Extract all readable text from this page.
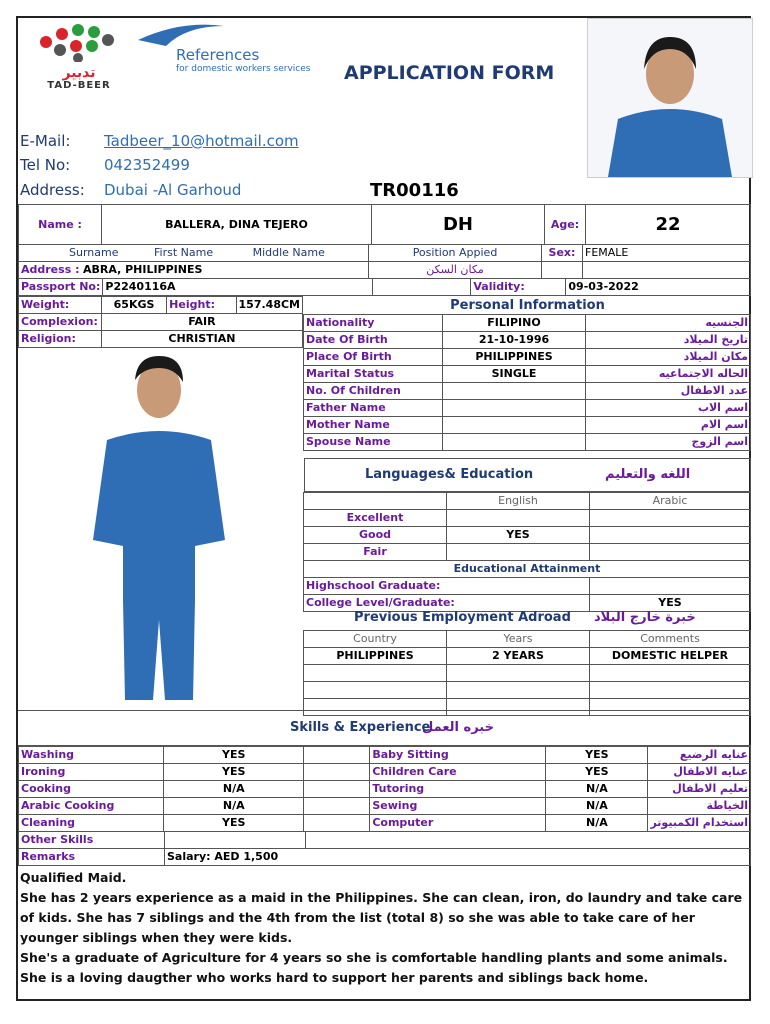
تدبير
TAD-BEER
References
for domestic workers services APPLICATION FORM
E-Mail: Tadbeer_10@hotmail.com
Tel No: 042352499
Address: Dubai -Al Garhoud	TR00116
Name :	BALLERA, DINA TEJERO	DH	Age:	22
Surname First Name Middle Name	Position Appied	Sex:	FEMALE
Address : ABRA, PHILIPPINES	مكان السكن		
Passport No:	P2240116A		Validity:	09-03-2022
Weight:	65KGS	Height:	157.48CM
Complexion:	FAIR		
Religion:	CHRISTIAN		
Personal Information
Nationality	FILIPINO	الجنسيه
Date Of Birth	21-10-1996	تاريخ الميلاد
Place Of Birth	PHILIPPINES	مكان الميلاد
Marital Status	SINGLE	الحاله الاجتماعيه
No. Of Children		عدد الاطفال
Father Name		اسم الاب
Mother Name		اسم الام
Spouse Name		اسم الزوج
Languages& Education	اللغه والتعليم
	English	Arabic
Excellent		
Good	YES	
Fair		
Educational Attainment		
Highschool Graduate:		
College Level/Graduate:		YES
Previous Employment Adroad خبرة خارج البلاد
Country	Years	Comments
PHILIPPINES	2 YEARS	DOMESTIC HELPER

Skills & Experience
خبره العمل
Washing	YES		Baby Sitting	YES	عنايه الرضيع
Ironing	YES		Children Care	YES	عنايه الاطفال
Cooking	N/A		Tutoring	N/A	تعليم الاطفال
Arabic Cooking	N/A		Sewing	N/A	الخياطة
Cleaning	YES		Computer	N/A	استخدام الكمبيوتر
Other Skills		
Remarks	Salary: AED 1,500	
Qualified Maid.
She has 2 years experience as a maid in the Philippines. She can clean, iron, do laundry and take care of kids. She has 7 siblings and the 4th from the list (total 8) so she was able to take care of her younger siblings when they were kids.
She's a graduate of Agriculture for 4 years so she is comfortable handling plants and some animals.
She is a loving daugther who works hard to support her parents and siblings back home.
